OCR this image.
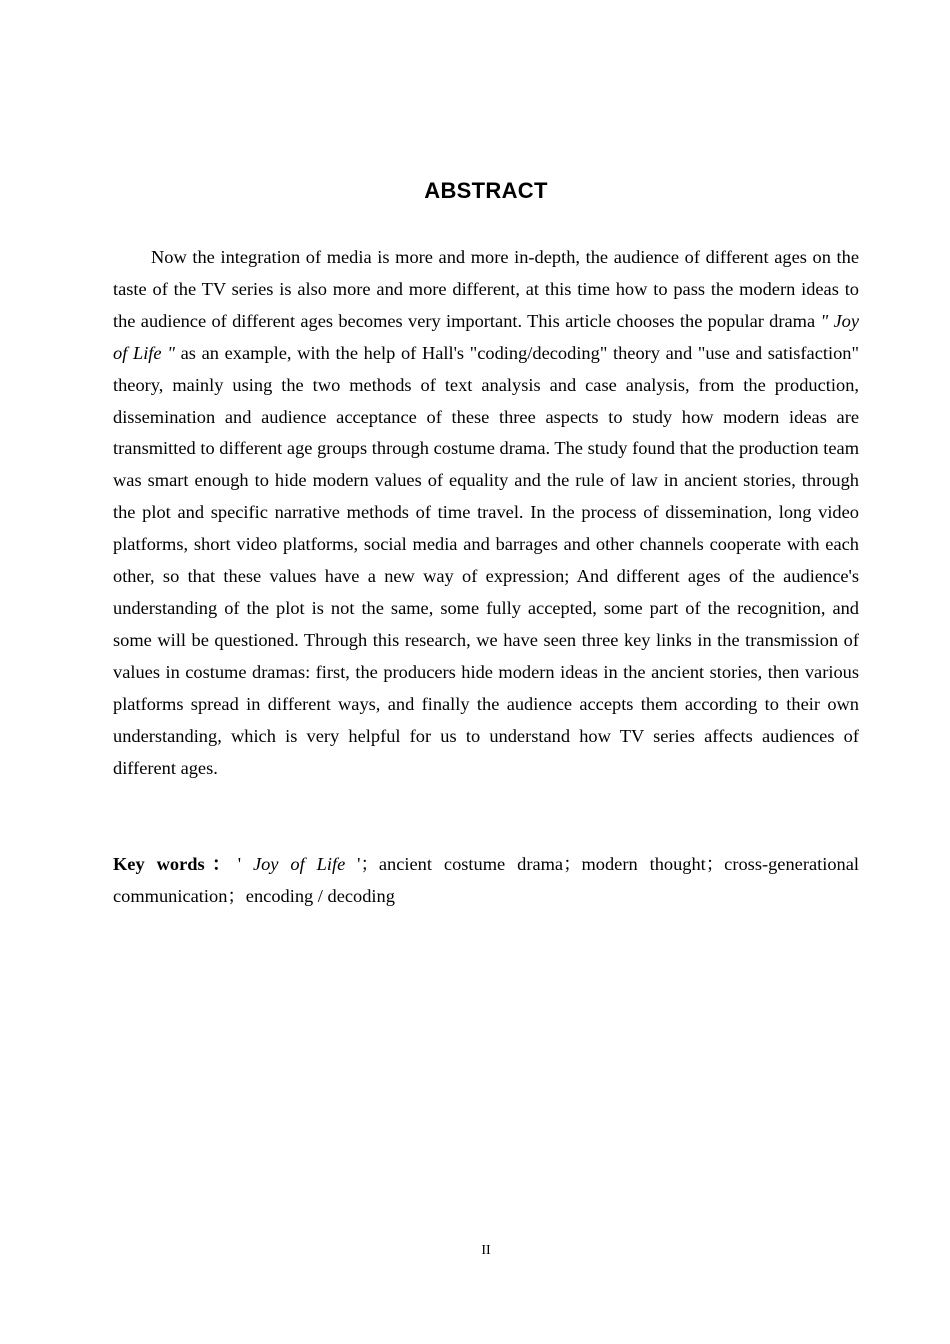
ABSTRACT

Now the integration of media is more and more in-depth, the audience of different ages on the taste of the TV series is also more and more different, at this time how to pass the modern ideas to the audience of different ages becomes very important. This article chooses the popular drama " Joy of Life " as an example, with the help of Hall's "coding/decoding" theory and "use and satisfaction" theory, mainly using the two methods of text analysis and case analysis, from the production, dissemination and audience acceptance of these three aspects to study how modern ideas are transmitted to different age groups through costume drama. The study found that the production team was smart enough to hide modern values of equality and the rule of law in ancient stories, through the plot and specific narrative methods of time travel. In the process of dissemination, long video platforms, short video platforms, social media and barrages and other channels cooperate with each other, so that these values have a new way of expression; And different ages of the audience's understanding of the plot is not the same, some fully accepted, some part of the recognition, and some will be questioned. Through this research, we have seen three key links in the transmission of values in costume dramas: first, the producers hide modern ideas in the ancient stories, then various platforms spread in different ways, and finally the audience accepts them according to their own understanding, which is very helpful for us to understand how TV series affects audiences of different ages.

Key words：' Joy of Life '；ancient costume drama；modern thought；cross-generational communication；encoding / decoding

II
